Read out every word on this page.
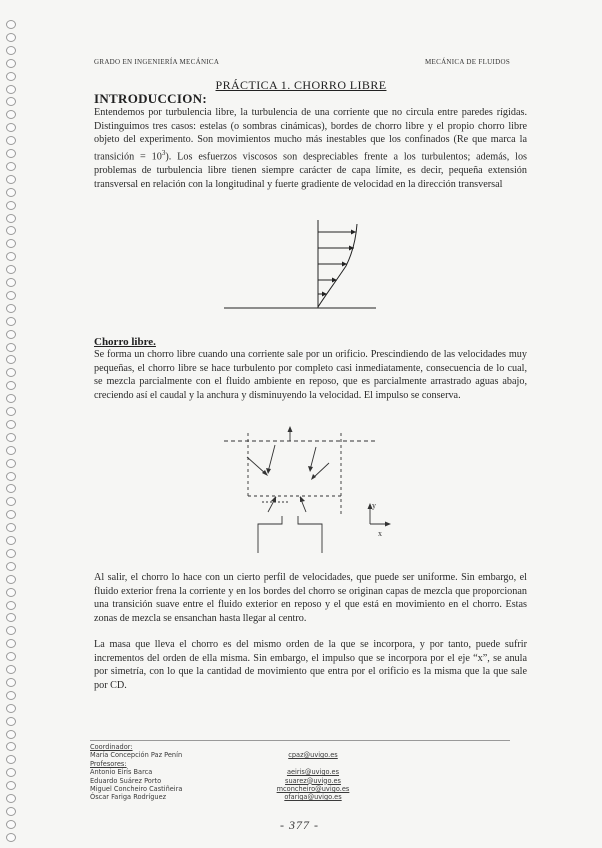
GRADO EN INGENIERÍA MECÁNICA	MECÁNICA DE FLUIDOS
PRÁCTICA 1. CHORRO LIBRE
INTRODUCCION:
Entendemos por turbulencia libre, la turbulencia de una corriente que no circula entre paredes rígidas. Distinguimos tres casos: estelas (o sombras cinámicas), bordes de chorro libre y el propio chorro libre objeto del experimento. Son movimientos mucho más inestables que los confinados (Re que marca la transición = $10^3$). Los esfuerzos viscosos son despreciables frente a los turbulentos; además, los problemas de turbulencia libre tienen siempre carácter de capa límite, es decir, pequeña extensión transversal en relación con la longitudinal y fuerte gradiente de velocidad en la dirección transversal
Chorro libre.
Se forma un chorro libre cuando una corriente sale por un orificio. Prescindiendo de las velocidades muy pequeñas, el chorro libre se hace turbulento por completo casi inmediatamente, consecuencia de lo cual, se mezcla parcialmente con el fluido ambiente en reposo, que es parcialmente arrastrado aguas abajo, creciendo así el caudal y la anchura y disminuyendo la velocidad. El impulso se conserva.
y
x
Al salir, el chorro lo hace con un cierto perfil de velocidades, que puede ser uniforme. Sin embargo, el fluido exterior frena la corriente y en los bordes del chorro se originan capas de mezcla que proporcionan una transición suave entre el fluido exterior en reposo y el que está en movimiento en el chorro. Estas zonas de mezcla se ensanchan hasta llegar al centro.
La masa que lleva el chorro es del mismo orden de la que se incorpora, y por tanto, puede sufrir incrementos del orden de ella misma. Sin embargo, el impulso que se incorpora por el eje “x”, se anula por simetría, con lo que la cantidad de movimiento que entra por el orificio es la misma que la que sale por CD.
Coordinador:
María Concepción Paz Penín
Profesores:
Antonio Eirís Barca
Eduardo Suárez Porto
Miguel Concheiro Castiñeira
Óscar Fariga Rodríguez
cpaz@uvigo.es
aeiris@uvigo.es
suarez@uvigo.es
mconcheiro@uvigo.es
ofariga@uvigo.es
- 377 -
